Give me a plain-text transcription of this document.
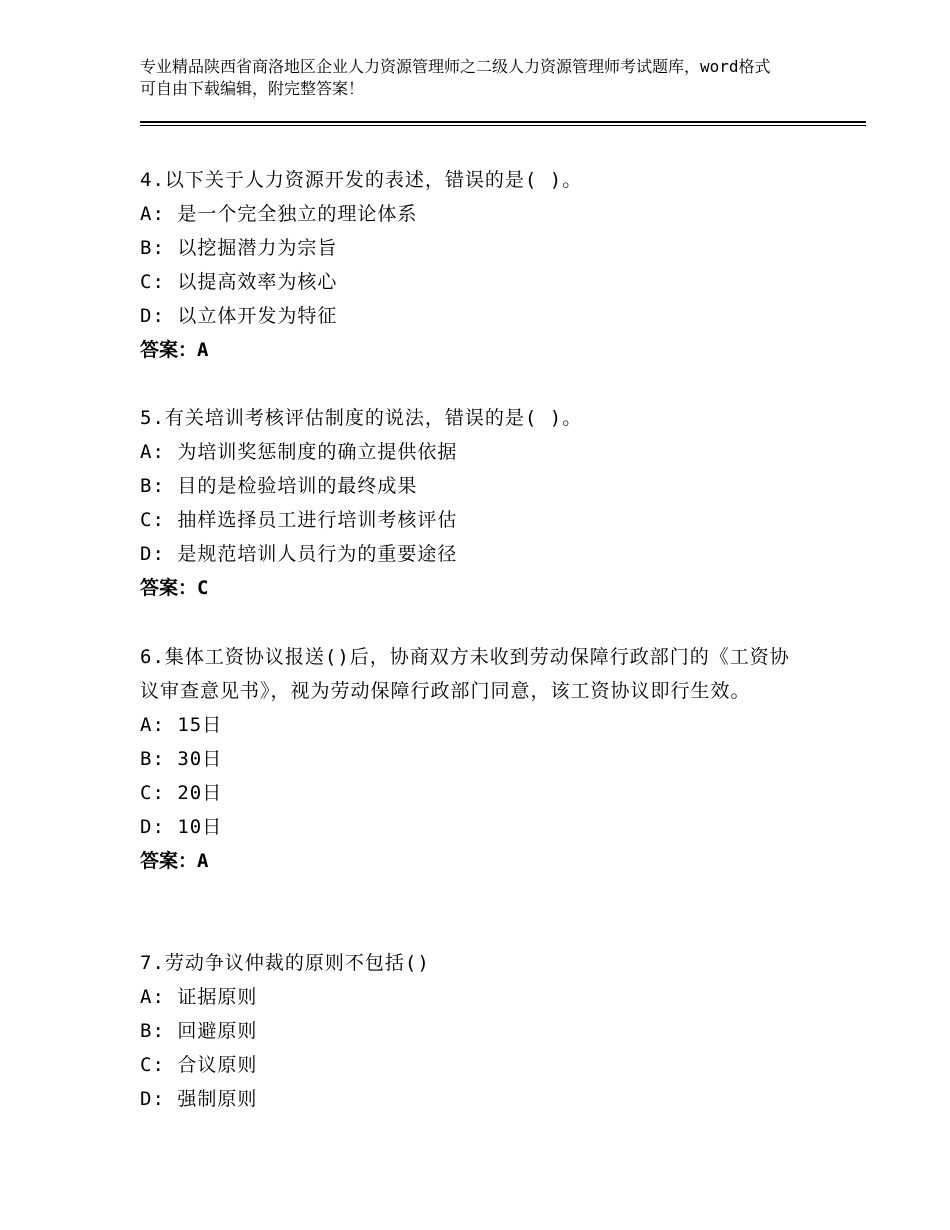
专业精品陕西省商洛地区企业人力资源管理师之二级人力资源管理师考试题库，word格式可自由下载编辑，附完整答案！
4.以下关于人力资源开发的表述，错误的是( )。
A: 是一个完全独立的理论体系
B: 以挖掘潜力为宗旨
C: 以提高效率为核心
D: 以立体开发为特征
答案：A
5.有关培训考核评估制度的说法，错误的是( )。
A: 为培训奖惩制度的确立提供依据
B: 目的是检验培训的最终成果
C: 抽样选择员工进行培训考核评估
D: 是规范培训人员行为的重要途径
答案：C
6.集体工资协议报送()后，协商双方未收到劳动保障行政部门的《工资协议审查意见书》，视为劳动保障行政部门同意，该工资协议即行生效。
A: 15日
B: 30日
C: 20日
D: 10日
答案：A
7.劳动争议仲裁的原则不包括()
A: 证据原则
B: 回避原则
C: 合议原则
D: 强制原则
